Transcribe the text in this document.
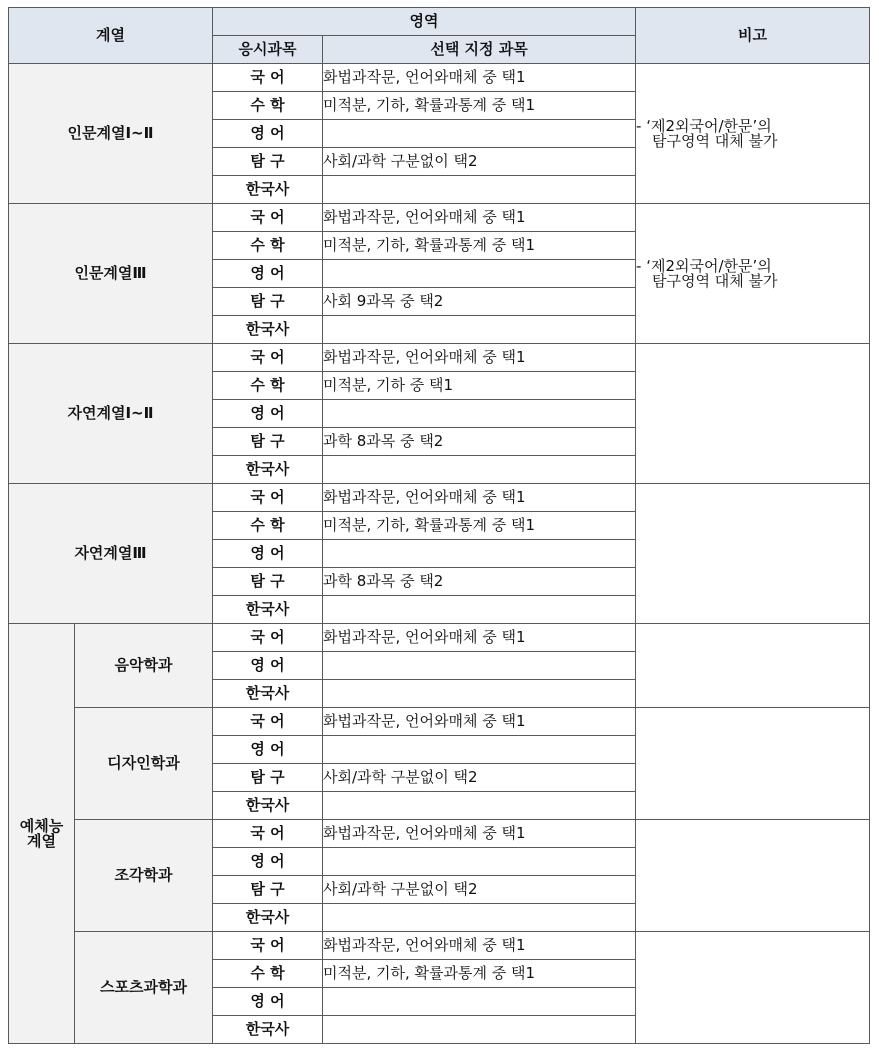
계열		영역		비고
		응시과목	선택 지정 과목	
인문계열Ⅰ~Ⅱ		국 어	화법과작문, 언어와매체 중 택1	- ‘제2외국어/한문’의
탐구영역 대체 불가

		수 학	미적분, 기하, 확률과통계 중 택1	
		영 어		
		탐 구	사회/과학 구분없이 택2	
		한국사		
인문계열Ⅲ		국 어	화법과작문, 언어와매체 중 택1	- ‘제2외국어/한문’의
탐구영역 대체 불가

		수 학	미적분, 기하, 확률과통계 중 택1	
		영 어		
		탐 구	사회 9과목 중 택2	
		한국사		
자연계열Ⅰ~Ⅱ		국 어	화법과작문, 언어와매체 중 택1	
		수 학	미적분, 기하 중 택1	
		영 어		
		탐 구	과학 8과목 중 택2	
		한국사		
자연계열Ⅲ		국 어	화법과작문, 언어와매체 중 택1	
		수 학	미적분, 기하, 확률과통계 중 택1	
		영 어		
		탐 구	과학 8과목 중 택2	
		한국사		

예체능
계열	음악학과	국 어	화법과작문, 언어와매체 중 택1	
		영 어		
		한국사		
	디자인학과	국 어	화법과작문, 언어와매체 중 택1	
		영 어		
		탐 구	사회/과학 구분없이 택2	
		한국사		
	조각학과	국 어	화법과작문, 언어와매체 중 택1	
		영 어		
		탐 구	사회/과학 구분없이 택2	
		한국사		
	스포츠과학과	국 어	화법과작문, 언어와매체 중 택1	
		수 학	미적분, 기하, 확률과통계 중 택1	
		영 어		
		한국사		
